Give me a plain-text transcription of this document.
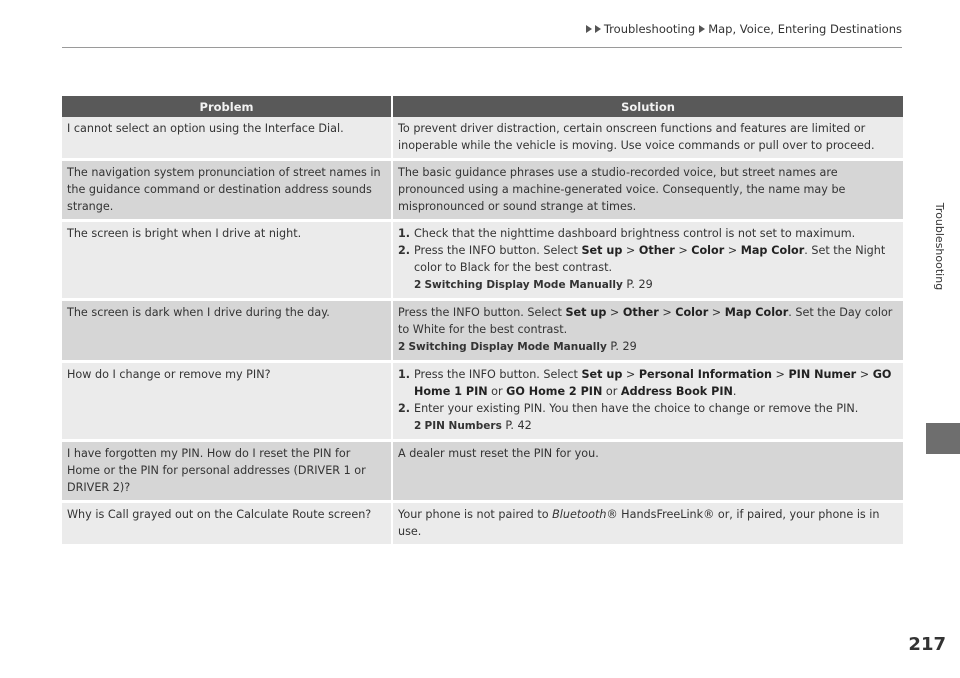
Troubleshooting Map, Voice, Entering Destinations
Troubleshooting
Problem	Solution
I cannot select an option using the Interface Dial.	To prevent driver distraction, certain onscreen functions and features are limited or inoperable while the vehicle is moving. Use voice commands or pull over to proceed.
The navigation system pronunciation of street names in the guidance command or destination address sounds strange.	The basic guidance phrases use a studio-recorded voice, but street names are pronounced using a machine-generated voice. Consequently, the name may be mispronounced or sound strange at times.
The screen is bright when I drive at night.	1. Check that the nighttime dashboard brightness control is not set to maximum.
2. Press the INFO button. Select Set up > Other > Color > Map Color. Set the Night color to Black for the best contrast.
2 Switching Display Mode Manually P. 29

The screen is dark when I drive during the day.	Press the INFO button. Select Set up > Other > Color > Map Color. Set the Day color to White for the best contrast.
2 Switching Display Mode Manually P. 29

How do I change or remove my PIN?	1. Press the INFO button. Select Set up > Personal Information > PIN Numer > GO Home 1 PIN or GO Home 2 PIN or Address Book PIN.
2. Enter your existing PIN. You then have the choice to change or remove the PIN.
2 PIN Numbers P. 42

I have forgotten my PIN. How do I reset the PIN for Home or the PIN for personal addresses (DRIVER 1 or DRIVER 2)?	A dealer must reset the PIN for you.
Why is Call grayed out on the Calculate Route screen?	Your phone is not paired to Bluetooth® HandsFreeLink® or, if paired, your phone is in use.
217
